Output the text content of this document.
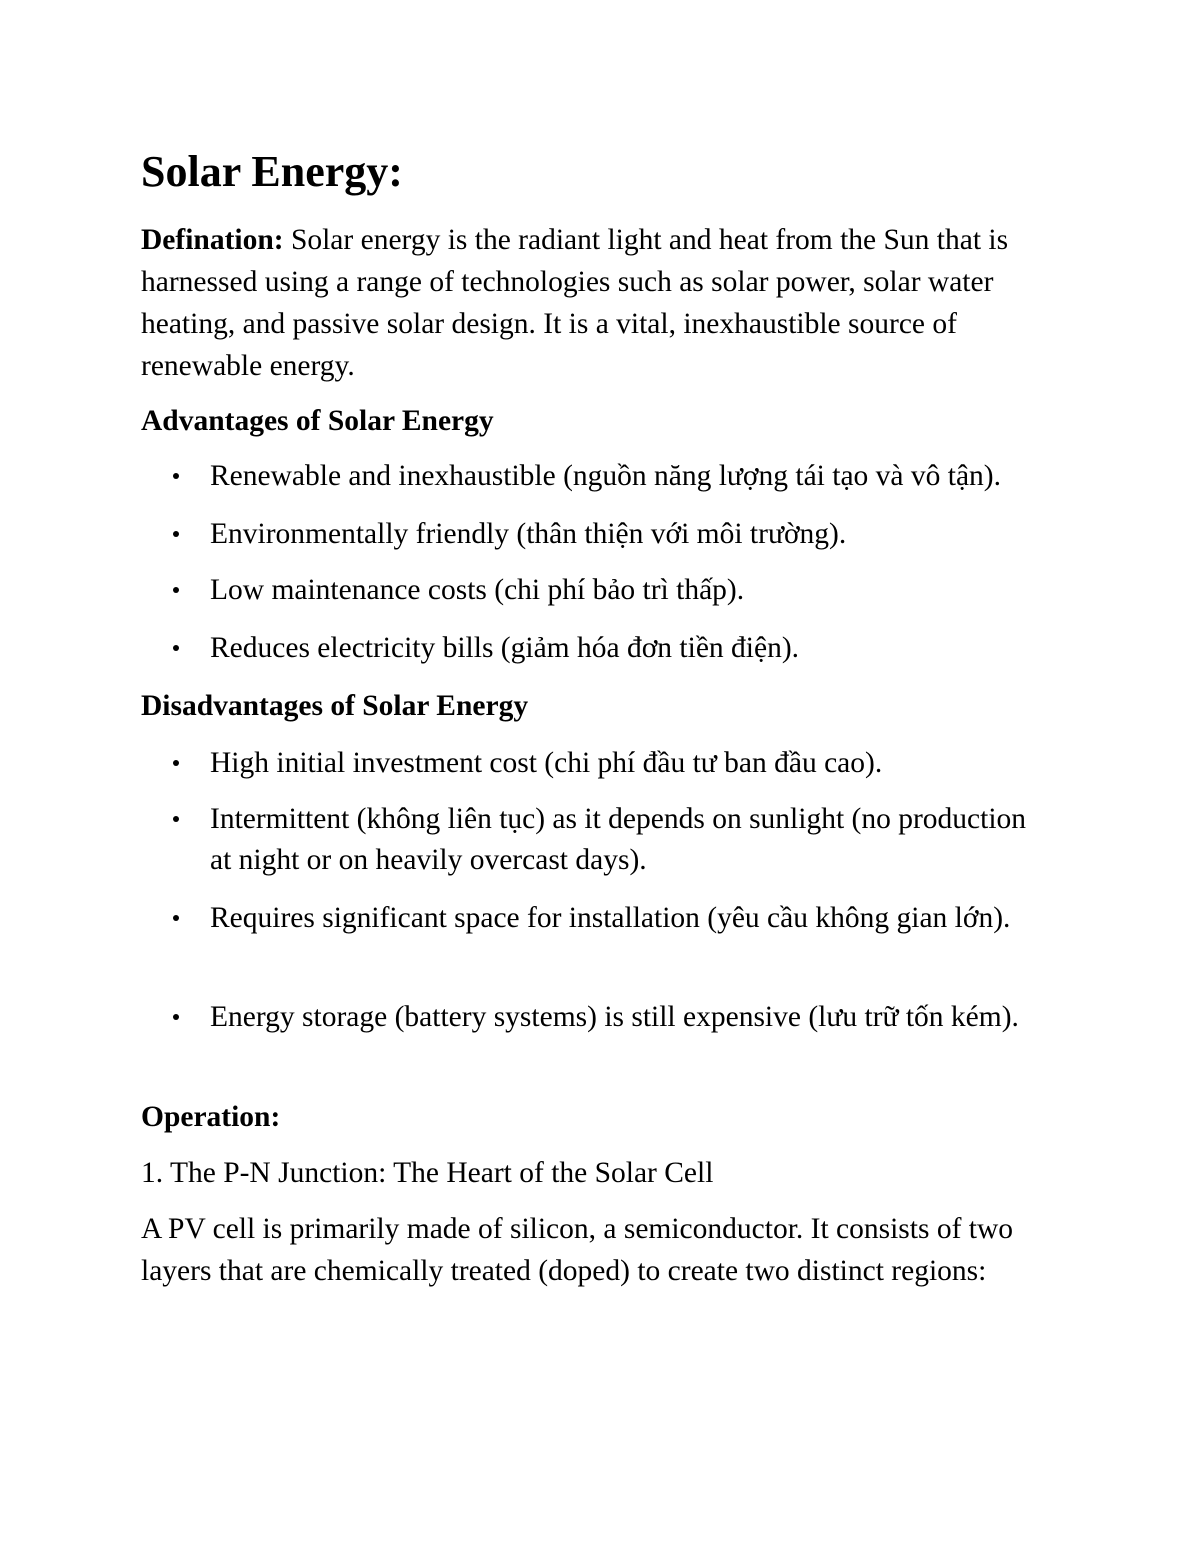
Solar Energy:

Defination: Solar energy is the radiant light and heat from the Sun that is harnessed using a range of technologies such as solar power, solar water heating, and passive solar design. It is a vital, inexhaustible source of renewable energy.

Advantages of Solar Energy

Renewable and inexhaustible (nguồn năng lượng tái tạo và vô tận).
Environmentally friendly (thân thiện với môi trường).
Low maintenance costs (chi phí bảo trì thấp).
Reduces electricity bills (giảm hóa đơn tiền điện).

Disadvantages of Solar Energy

High initial investment cost (chi phí đầu tư ban đầu cao).
Intermittent (không liên tục) as it depends on sunlight (no production at night or on heavily overcast days).
Requires significant space for installation (yêu cầu không gian lớn).
Energy storage (battery systems) is still expensive (lưu trữ tốn kém).

Operation:

1. The P-N Junction: The Heart of the Solar Cell

A PV cell is primarily made of silicon, a semiconductor. It consists of two layers that are chemically treated (doped) to create two distinct regions:
